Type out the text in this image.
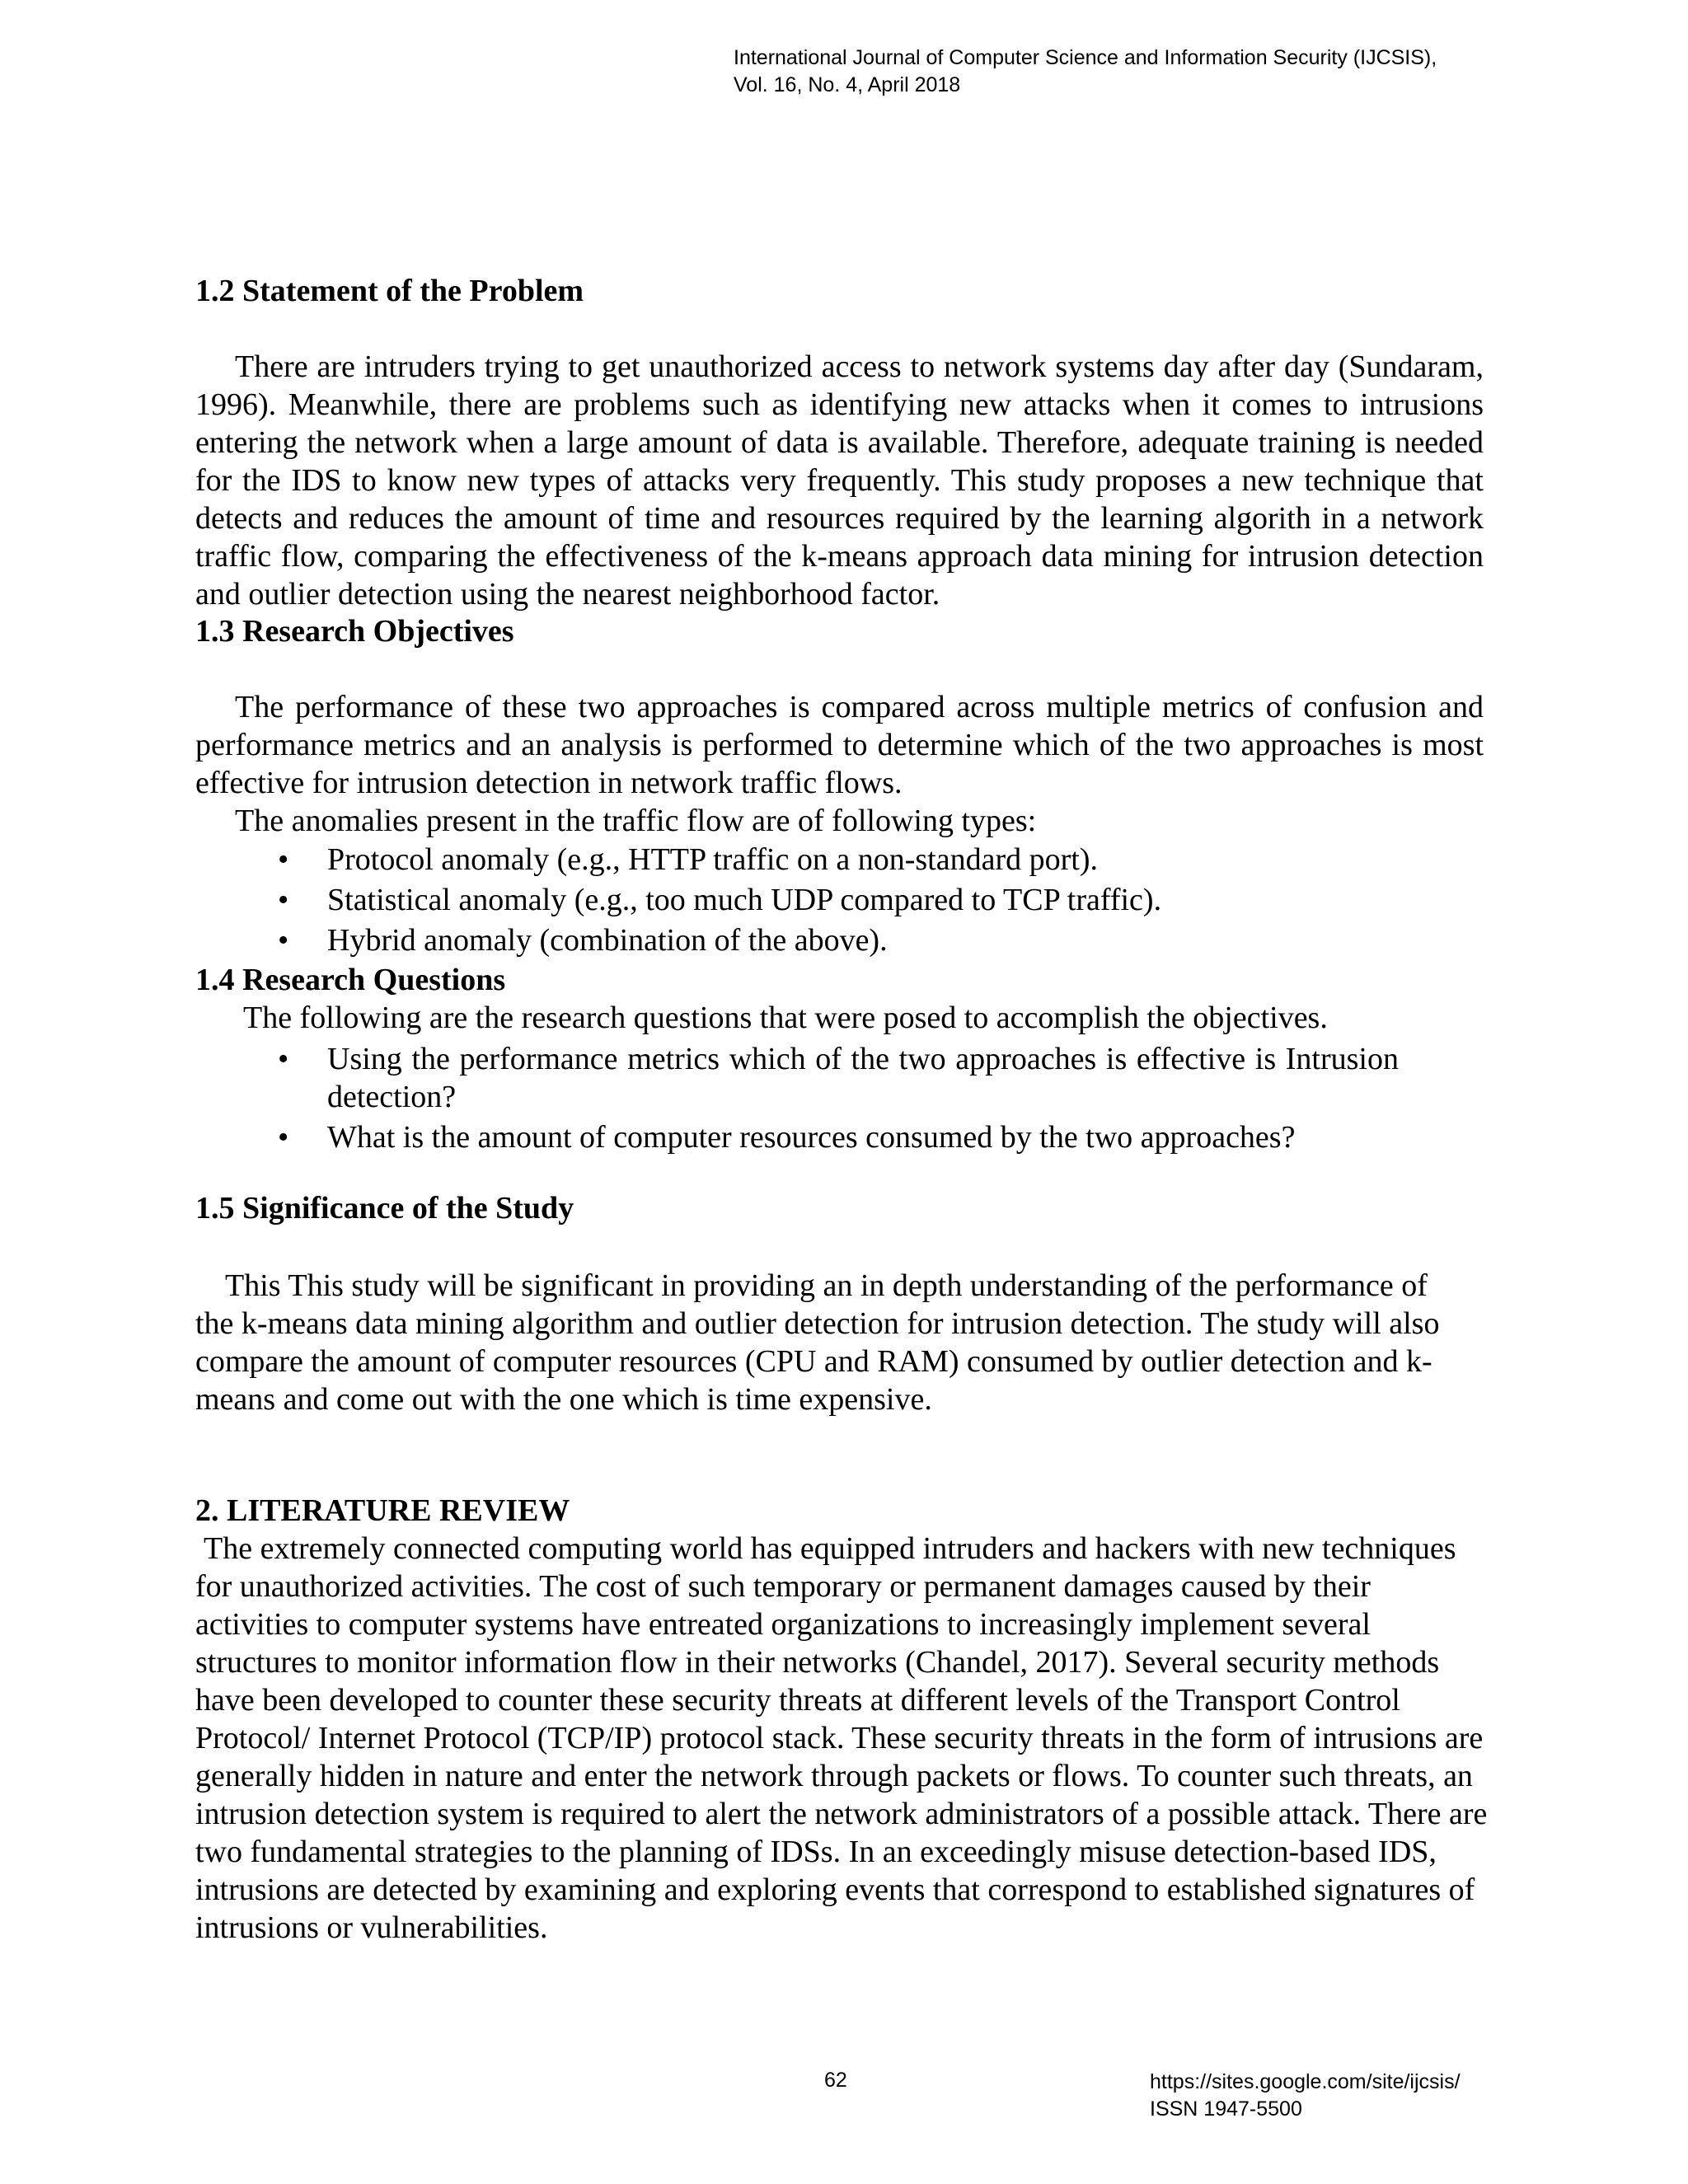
International Journal of Computer Science and Information Security (IJCSIS),
Vol. 16, No. 4, April 2018
1.2 Statement of the Problem
There are intruders trying to get unauthorized access to network systems day after day (Sundaram, 1996). Meanwhile, there are problems such as identifying new attacks when it comes to intrusions entering the network when a large amount of data is available. Therefore, adequate training is needed for the IDS to know new types of attacks very frequently. This study proposes a new technique that detects and reduces the amount of time and resources required by the learning algorith in a network traffic flow, comparing the effectiveness of the k-means approach data mining for intrusion detection and outlier detection using the nearest neighborhood factor.
1.3 Research Objectives
The performance of these two approaches is compared across multiple metrics of confusion and performance metrics and an analysis is performed to determine which of the two approaches is most effective for intrusion detection in network traffic flows.
The anomalies present in the traffic flow are of following types:
• Protocol anomaly (e.g., HTTP traffic on a non-standard port).
• Statistical anomaly (e.g., too much UDP compared to TCP traffic).
• Hybrid anomaly (combination of the above).
1.4 Research Questions
The following are the research questions that were posed to accomplish the objectives.
• Using the performance metrics which of the two approaches is effective is Intrusion detection?
• What is the amount of computer resources consumed by the two approaches?
1.5 Significance of the Study
This This study will be significant in providing an in depth understanding of the performance of the k-means data mining algorithm and outlier detection for intrusion detection. The study will also compare the amount of computer resources (CPU and RAM) consumed by outlier detection and k-means and come out with the one which is time expensive.
2. LITERATURE REVIEW
The extremely connected computing world has equipped intruders and hackers with new techniques for unauthorized activities. The cost of such temporary or permanent damages caused by their activities to computer systems have entreated organizations to increasingly implement several structures to monitor information flow in their networks (Chandel, 2017). Several security methods have been developed to counter these security threats at different levels of the Transport Control Protocol/ Internet Protocol (TCP/IP) protocol stack. These security threats in the form of intrusions are generally hidden in nature and enter the network through packets or flows. To counter such threats, an intrusion detection system is required to alert the network administrators of a possible attack. There are two fundamental strategies to the planning of IDSs. In an exceedingly misuse detection-based IDS, intrusions are detected by examining and exploring events that correspond to established signatures of intrusions or vulnerabilities.
62	https://sites.google.com/site/ijcsis/
ISSN 1947-5500
